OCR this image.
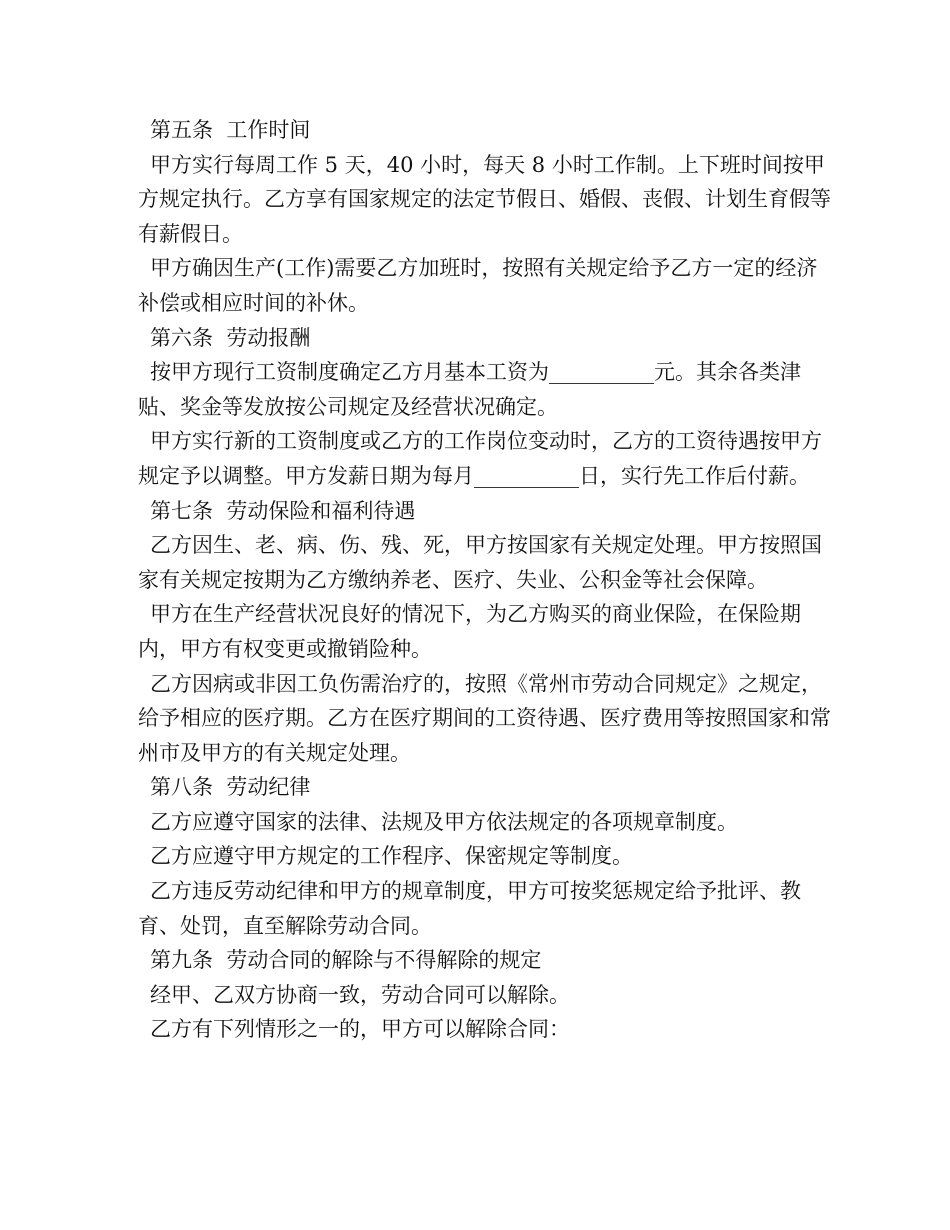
第五条  工作时间

甲方实行每周工作 5 天，40 小时，每天 8 小时工作制。上下班时间按甲方规定执行。乙方享有国家规定的法定节假日、婚假、丧假、计划生育假等有薪假日。

甲方确因生产(工作)需要乙方加班时，按照有关规定给予乙方一定的经济补偿或相应时间的补休。

第六条  劳动报酬

按甲方现行工资制度确定乙方月基本工资为__________元。其余各类津贴、奖金等发放按公司规定及经营状况确定。

甲方实行新的工资制度或乙方的工作岗位变动时，乙方的工资待遇按甲方规定予以调整。甲方发薪日期为每月__________日，实行先工作后付薪。

第七条  劳动保险和福利待遇

乙方因生、老、病、伤、残、死，甲方按国家有关规定处理。甲方按照国家有关规定按期为乙方缴纳养老、医疗、失业、公积金等社会保障。

甲方在生产经营状况良好的情况下，为乙方购买的商业保险，在保险期内，甲方有权变更或撤销险种。

乙方因病或非因工负伤需治疗的，按照《常州市劳动合同规定》之规定，给予相应的医疗期。乙方在医疗期间的工资待遇、医疗费用等按照国家和常州市及甲方的有关规定处理。

第八条  劳动纪律

乙方应遵守国家的法律、法规及甲方依法规定的各项规章制度。

乙方应遵守甲方规定的工作程序、保密规定等制度。

乙方违反劳动纪律和甲方的规章制度，甲方可按奖惩规定给予批评、教育、处罚，直至解除劳动合同。

第九条  劳动合同的解除与不得解除的规定

经甲、乙双方协商一致，劳动合同可以解除。

乙方有下列情形之一的，甲方可以解除合同：
